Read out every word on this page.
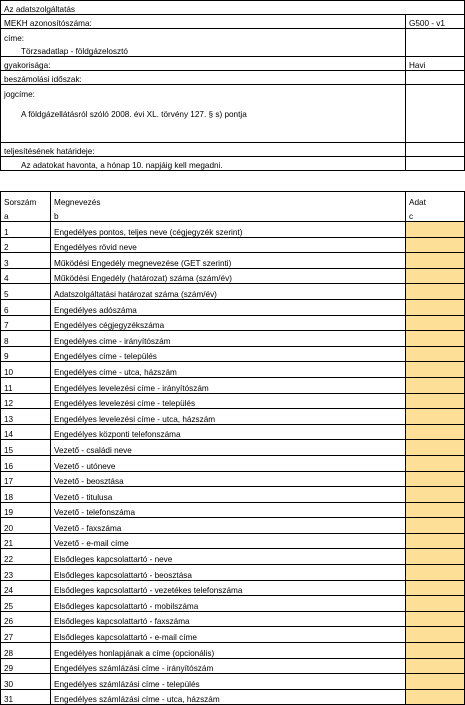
Az adatszolgáltatás	
MEKH azonosítószáma:	G500 - v1
címe:	
Törzsadatlap - földgázelosztó	
gyakorisága:	Havi
beszámolási időszak:	
jogcíme:	
A földgázellátásról szóló 2008. évi XL. törvény 127. § s) pontja	
teljesítésének határideje:	
Az adatokat havonta, a hónap 10. napjáig kell megadni.	
Sorszám	Megnevezés	Adat
a	b	c
1	Engedélyes pontos, teljes neve (cégjegyzék szerint)	
2	Engedélyes rövid neve	
3	Működési Engedély megnevezése (GET szerinti)	
4	Működési Engedély (határozat) száma (szám/év)	
5	Adatszolgáltatási határozat száma (szám/év)	
6	Engedélyes adószáma	
7	Engedélyes cégjegyzékszáma	
8	Engedélyes címe - irányítószám	
9	Engedélyes címe - település	
10	Engedélyes címe - utca, házszám	
11	Engedélyes levelezési címe - irányítószám	
12	Engedélyes levelezési címe - település	
13	Engedélyes levelezési címe - utca, házszám	
14	Engedélyes központi telefonszáma	
15	Vezető - családi neve	
16	Vezető - utóneve	
17	Vezető - beosztása	
18	Vezető - titulusa	
19	Vezető - telefonszáma	
20	Vezető - faxszáma	
21	Vezető - e-mail címe	
22	Elsődleges kapcsolattartó - neve	
23	Elsődleges kapcsolattartó - beosztása	
24	Elsődleges kapcsolattartó - vezetékes telefonszáma	
25	Elsődleges kapcsolattartó - mobilszáma	
26	Elsődleges kapcsolattartó - faxszáma	
27	Elsődleges kapcsolattartó - e-mail címe	
28	Engedélyes honlapjának a címe (opcionális)	
29	Engedélyes számlázási címe - irányítószám	
30	Engedélyes számlázási címe - település	
31	Engedélyes számlázási címe - utca, házszám	
